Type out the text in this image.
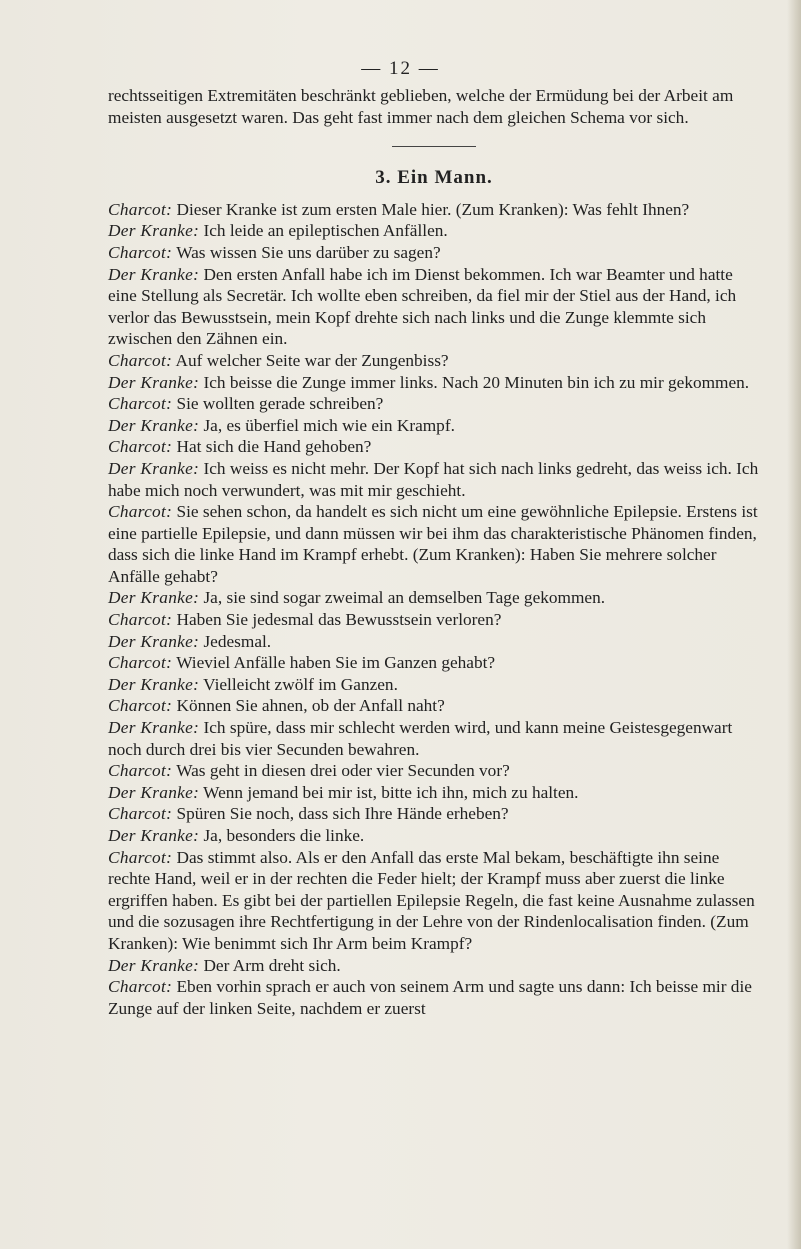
— 12 —

rechtsseitigen Extremitäten beschränkt geblieben, welche der Ermüdung bei der Arbeit am meisten ausgesetzt waren. Das geht fast immer nach dem gleichen Schema vor sich.

3. Ein Mann.

Charcot: Dieser Kranke ist zum ersten Male hier. (Zum Kranken): Was fehlt Ihnen?

Der Kranke: Ich leide an epileptischen Anfällen.

Charcot: Was wissen Sie uns darüber zu sagen?

Der Kranke: Den ersten Anfall habe ich im Dienst bekommen. Ich war Beamter und hatte eine Stellung als Secretär. Ich wollte eben schreiben, da fiel mir der Stiel aus der Hand, ich verlor das Bewusstsein, mein Kopf drehte sich nach links und die Zunge klemmte sich zwischen den Zähnen ein.

Charcot: Auf welcher Seite war der Zungenbiss?

Der Kranke: Ich beisse die Zunge immer links. Nach 20 Minuten bin ich zu mir gekommen.

Charcot: Sie wollten gerade schreiben?

Der Kranke: Ja, es überfiel mich wie ein Krampf.

Charcot: Hat sich die Hand gehoben?

Der Kranke: Ich weiss es nicht mehr. Der Kopf hat sich nach links gedreht, das weiss ich. Ich habe mich noch verwundert, was mit mir geschieht.

Charcot: Sie sehen schon, da handelt es sich nicht um eine gewöhnliche Epilepsie. Erstens ist eine partielle Epilepsie, und dann müssen wir bei ihm das charakteristische Phänomen finden, dass sich die linke Hand im Krampf erhebt. (Zum Kranken): Haben Sie mehrere solcher Anfälle gehabt?

Der Kranke: Ja, sie sind sogar zweimal an demselben Tage gekommen.

Charcot: Haben Sie jedesmal das Bewusstsein verloren?

Der Kranke: Jedesmal.

Charcot: Wieviel Anfälle haben Sie im Ganzen gehabt?

Der Kranke: Vielleicht zwölf im Ganzen.

Charcot: Können Sie ahnen, ob der Anfall naht?

Der Kranke: Ich spüre, dass mir schlecht werden wird, und kann meine Geistesgegenwart noch durch drei bis vier Secunden bewahren.

Charcot: Was geht in diesen drei oder vier Secunden vor?

Der Kranke: Wenn jemand bei mir ist, bitte ich ihn, mich zu halten.

Charcot: Spüren Sie noch, dass sich Ihre Hände erheben?

Der Kranke: Ja, besonders die linke.

Charcot: Das stimmt also. Als er den Anfall das erste Mal bekam, beschäftigte ihn seine rechte Hand, weil er in der rechten die Feder hielt; der Krampf muss aber zuerst die linke ergriffen haben. Es gibt bei der partiellen Epilepsie Regeln, die fast keine Ausnahme zulassen und die sozusagen ihre Rechtfertigung in der Lehre von der Rindenlocalisation finden. (Zum Kranken): Wie benimmt sich Ihr Arm beim Krampf?

Der Kranke: Der Arm dreht sich.

Charcot: Eben vorhin sprach er auch von seinem Arm und sagte uns dann: Ich beisse mir die Zunge auf der linken Seite, nachdem er zuerst
